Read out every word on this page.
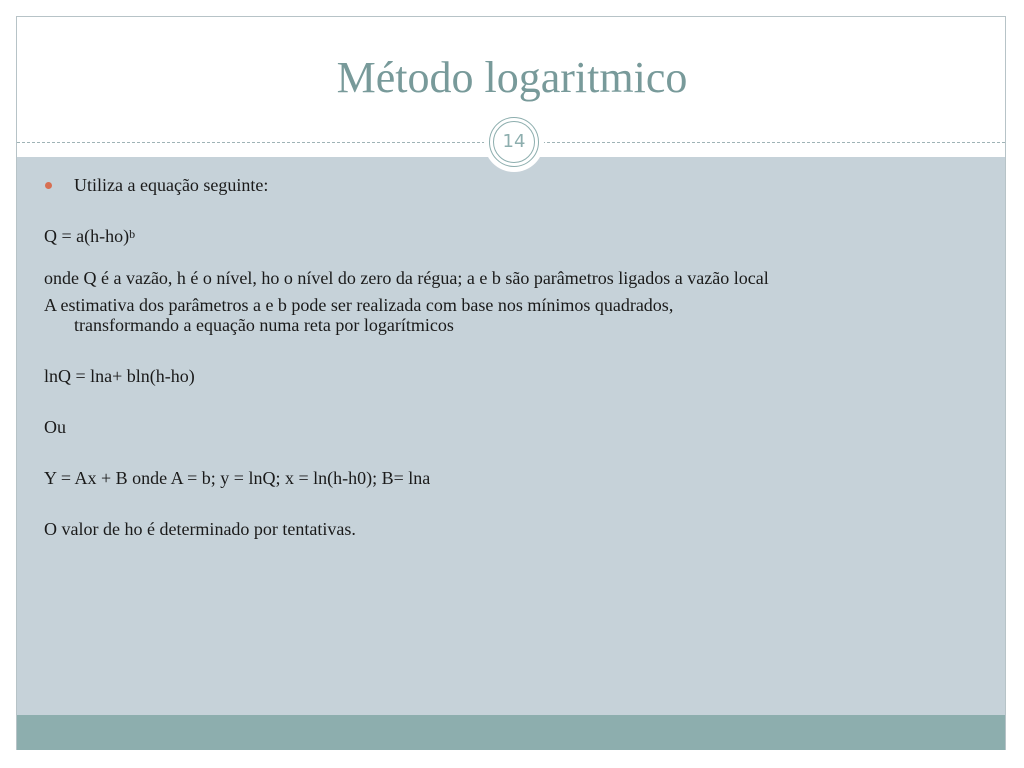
Método logaritmico
14
Utiliza a equação seguinte:
$Q = a(h-ho)^b$
onde Q é a vazão, h é o nível, ho o nível do zero da régua; a e b são parâmetros ligados a vazão local
A estimativa dos parâmetros a e b pode ser realizada com base nos mínimos quadrados,
transformando a equação numa reta por logarítmicos
lnQ = lna+ bln(h-ho)
Ou
Y = Ax + B onde A = b; y = lnQ; x = ln(h-h0); B= lna
O valor de ho é determinado por tentativas.
